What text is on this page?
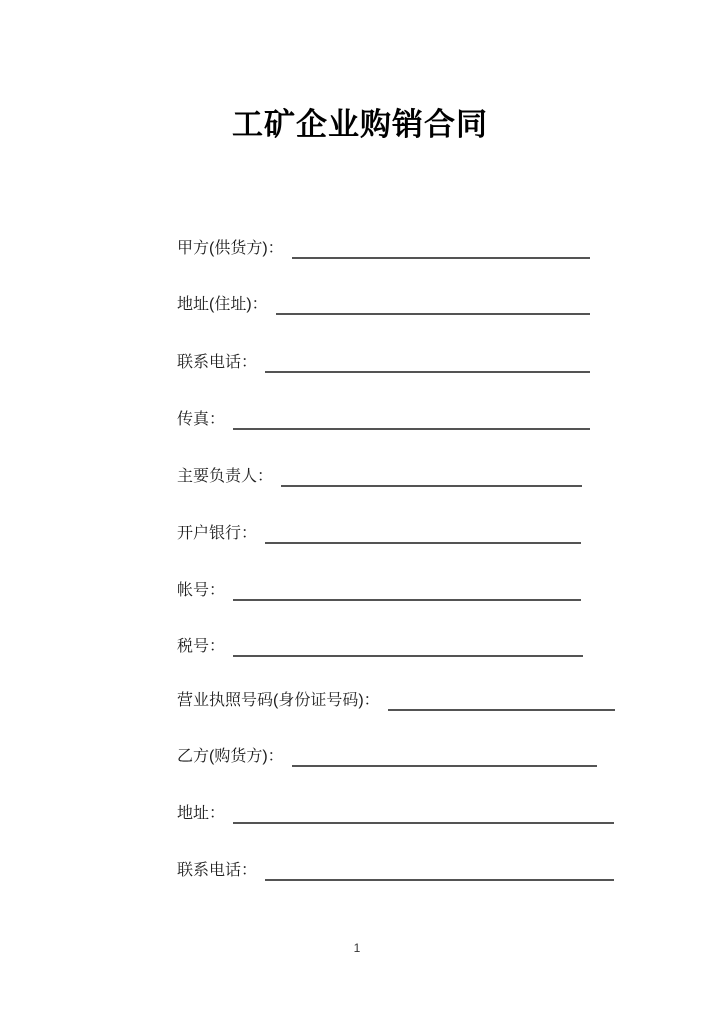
工矿企业购销合同
甲方(供货方)：
地址(住址)：
联系电话：
传真：
主要负责人：
开户银行：
帐号：
税号：
营业执照号码(身份证号码)：
乙方(购货方)：
地址：
联系电话：
1
